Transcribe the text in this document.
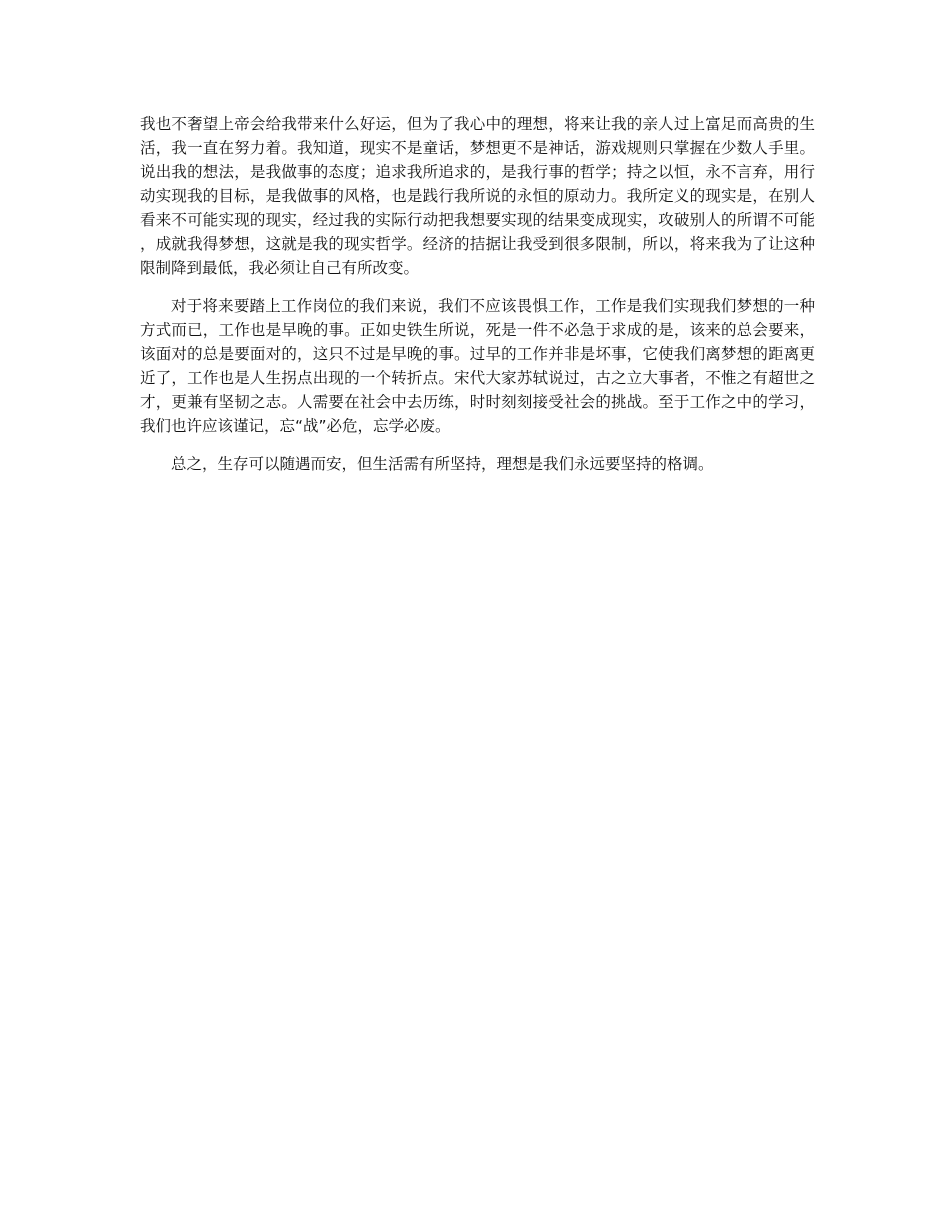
我也不奢望上帝会给我带来什么好运，但为了我心中的理想，将来让我的亲人过上富足而高贵的生活，我一直在努力着。我知道，现实不是童话，梦想更不是神话，游戏规则只掌握在少数人手里。说出我的想法，是我做事的态度；追求我所追求的，是我行事的哲学；持之以恒，永不言弃，用行动实现我的目标，是我做事的风格，也是践行我所说的永恒的原动力。我所定义的现实是，在别人看来不可能实现的现实，经过我的实际行动把我想要实现的结果变成现实，攻破别人的所谓不可能，成就我得梦想，这就是我的现实哲学。经济的拮据让我受到很多限制，所以，将来我为了让这种限制降到最低，我必须让自己有所改变。

对于将来要踏上工作岗位的我们来说，我们不应该畏惧工作，工作是我们实现我们梦想的一种方式而已，工作也是早晚的事。正如史铁生所说，死是一件不必急于求成的是，该来的总会要来，该面对的总是要面对的，这只不过是早晚的事。过早的工作并非是坏事，它使我们离梦想的距离更近了，工作也是人生拐点出现的一个转折点。宋代大家苏轼说过，古之立大事者，不惟之有超世之才，更兼有坚韧之志。人需要在社会中去历练，时时刻刻接受社会的挑战。至于工作之中的学习，我们也许应该谨记，忘“战”必危，忘学必废。

总之，生存可以随遇而安，但生活需有所坚持，理想是我们永远要坚持的格调。
